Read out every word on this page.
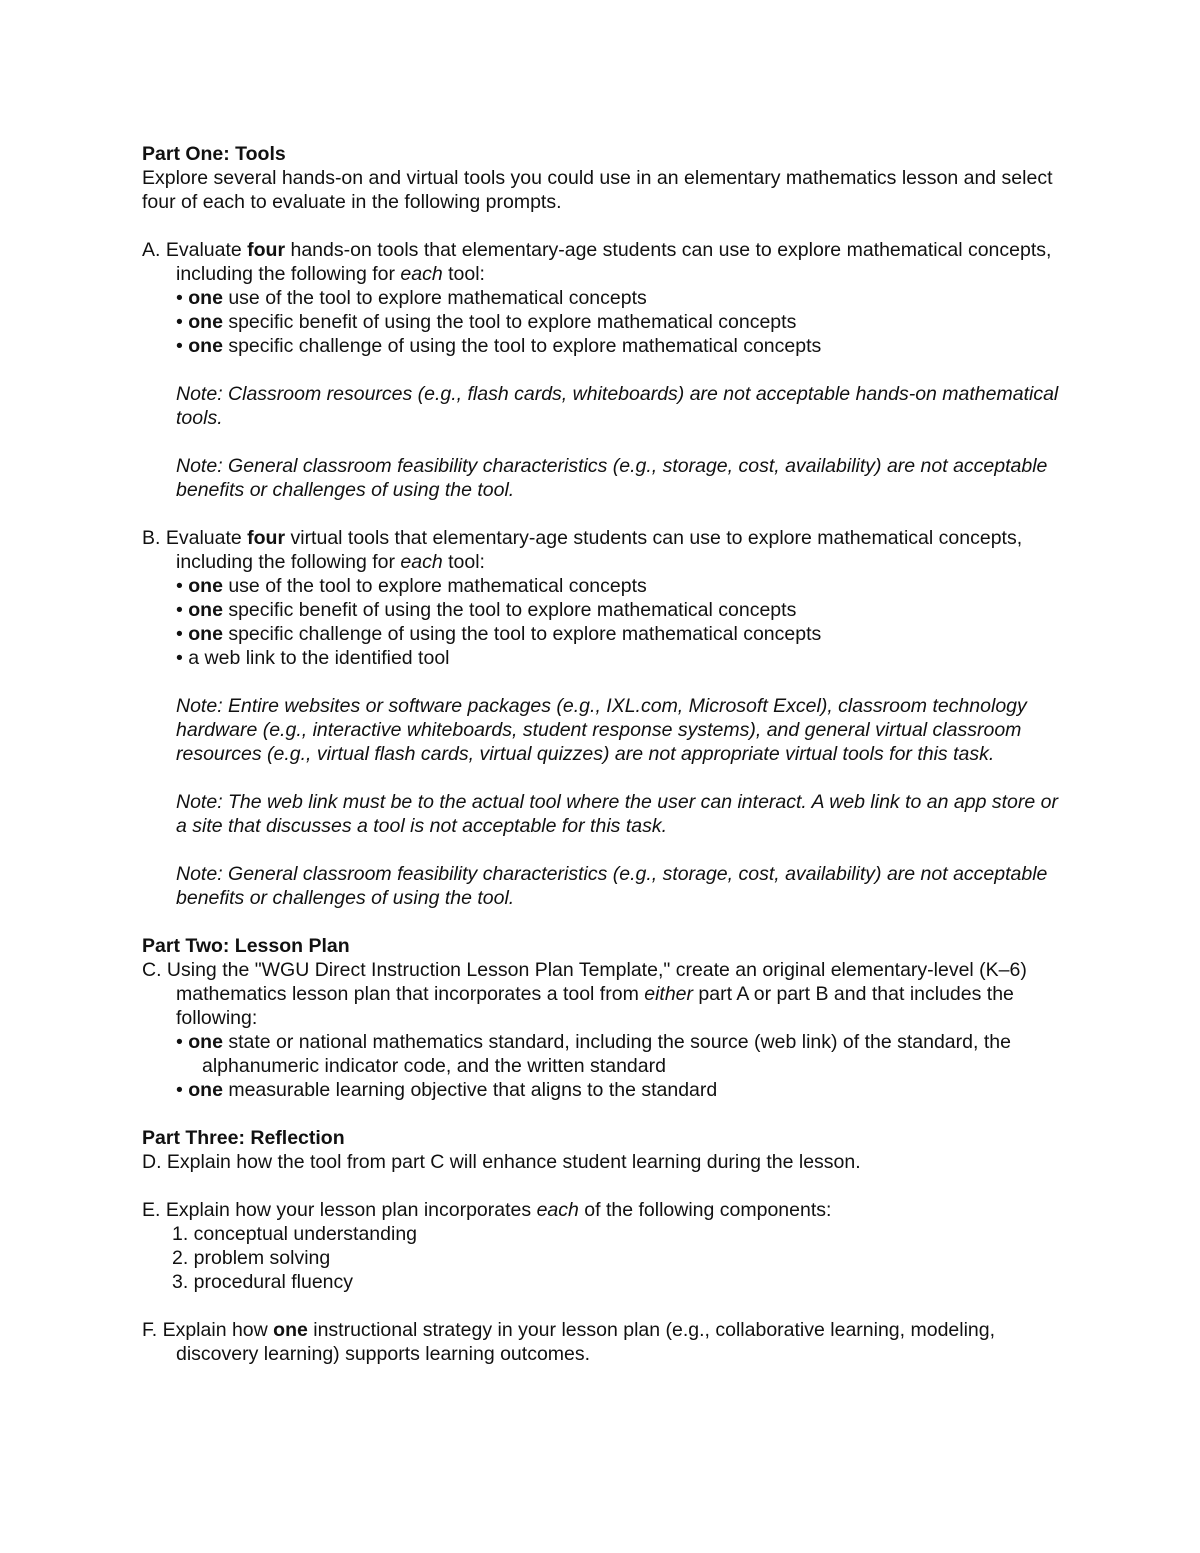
Part One: Tools

Explore several hands-on and virtual tools you could use in an elementary mathematics lesson and select four of each to evaluate in the following prompts.

A. Evaluate four hands-on tools that elementary-age students can use to explore mathematical concepts, including the following for each tool:

• one use of the tool to explore mathematical concepts

• one specific benefit of using the tool to explore mathematical concepts

• one specific challenge of using the tool to explore mathematical concepts

Note: Classroom resources (e.g., flash cards, whiteboards) are not acceptable hands-on mathematical tools.

Note: General classroom feasibility characteristics (e.g., storage, cost, availability) are not acceptable benefits or challenges of using the tool.

B. Evaluate four virtual tools that elementary-age students can use to explore mathematical concepts, including the following for each tool:

• one use of the tool to explore mathematical concepts

• one specific benefit of using the tool to explore mathematical concepts

• one specific challenge of using the tool to explore mathematical concepts

• a web link to the identified tool

Note: Entire websites or software packages (e.g., IXL.com, Microsoft Excel), classroom technology hardware (e.g., interactive whiteboards, student response systems), and general virtual classroom resources (e.g., virtual flash cards, virtual quizzes) are not appropriate virtual tools for this task.

Note: The web link must be to the actual tool where the user can interact. A web link to an app store or a site that discusses a tool is not acceptable for this task.

Note: General classroom feasibility characteristics (e.g., storage, cost, availability) are not acceptable benefits or challenges of using the tool.

Part Two: Lesson Plan

C. Using the "WGU Direct Instruction Lesson Plan Template," create an original elementary-level (K–6) mathematics lesson plan that incorporates a tool from either part A or part B and that includes the following:

• one state or national mathematics standard, including the source (web link) of the standard, the alphanumeric indicator code, and the written standard

• one measurable learning objective that aligns to the standard

Part Three: Reflection

D. Explain how the tool from part C will enhance student learning during the lesson.

E. Explain how your lesson plan incorporates each of the following components:

1. conceptual understanding

2. problem solving

3. procedural fluency

F. Explain how one instructional strategy in your lesson plan (e.g., collaborative learning, modeling, discovery learning) supports learning outcomes.
